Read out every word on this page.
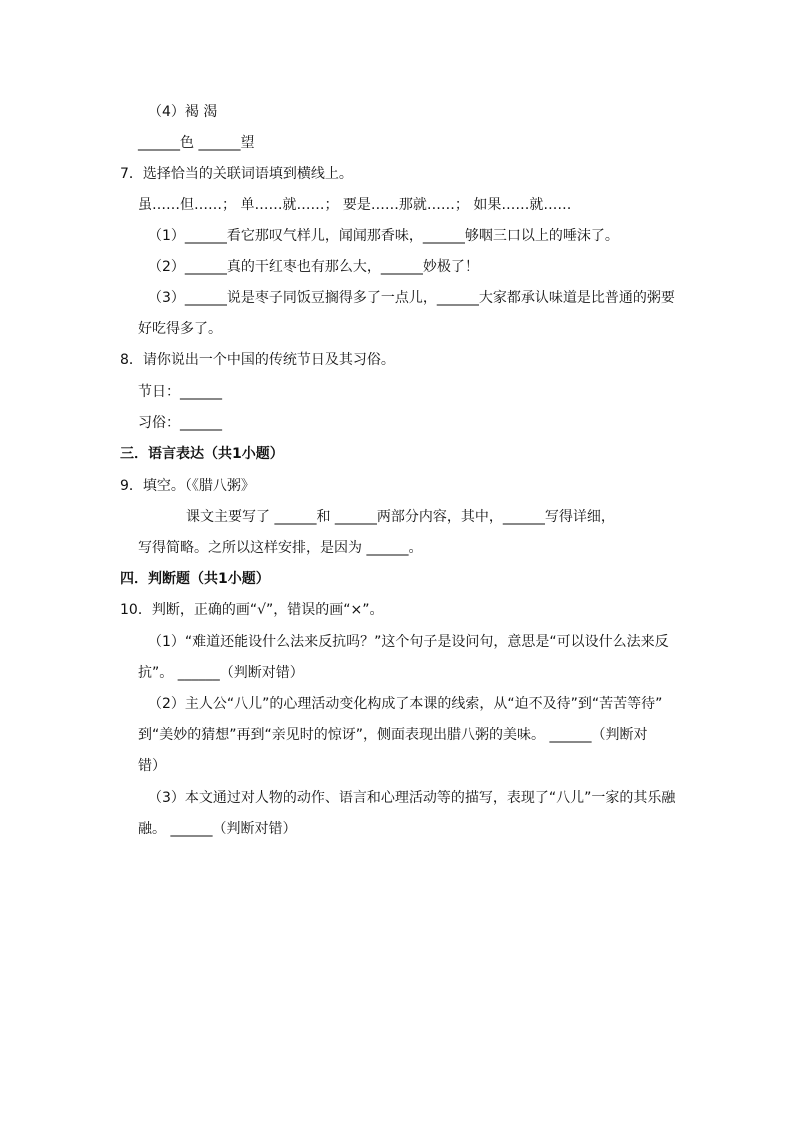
（4）褐 渴
______色 ______望
7．选择恰当的关联词语填到横线上。
虽……但……； 单……就……； 要是……那就……； 如果……就……
（1）______看它那叹气样儿，闻闻那香味，______够咽三口以上的唾沫了。
（2）______真的干红枣也有那么大，______妙极了！
（3）______说是枣子同饭豆搁得多了一点儿，______大家都承认味道是比普通的粥要
好吃得多了。
8．请你说出一个中国的传统节日及其习俗。
节日：______
习俗：______
三．语言表达（共1小题）
9．填空。（《腊八粥》
课文主要写了 ______和 ______两部分内容，其中，______写得详细，
写得简略。之所以这样安排，是因为 ______。
四．判断题（共1小题）
10．判断，正确的画“√”，错误的画“×”。
（1）“难道还能设什么法来反抗吗？”这个句子是设问句，意思是“可以设什么法来反
抗”。 ______（判断对错）
（2）主人公“八儿”的心理活动变化构成了本课的线索，从“迫不及待”到“苦苦等待”
到“美妙的猜想”再到“亲见时的惊讶”，侧面表现出腊八粥的美味。 ______（判断对
错）
（3）本文通过对人物的动作、语言和心理活动等的描写，表现了“八儿”一家的其乐融
融。 ______（判断对错）
